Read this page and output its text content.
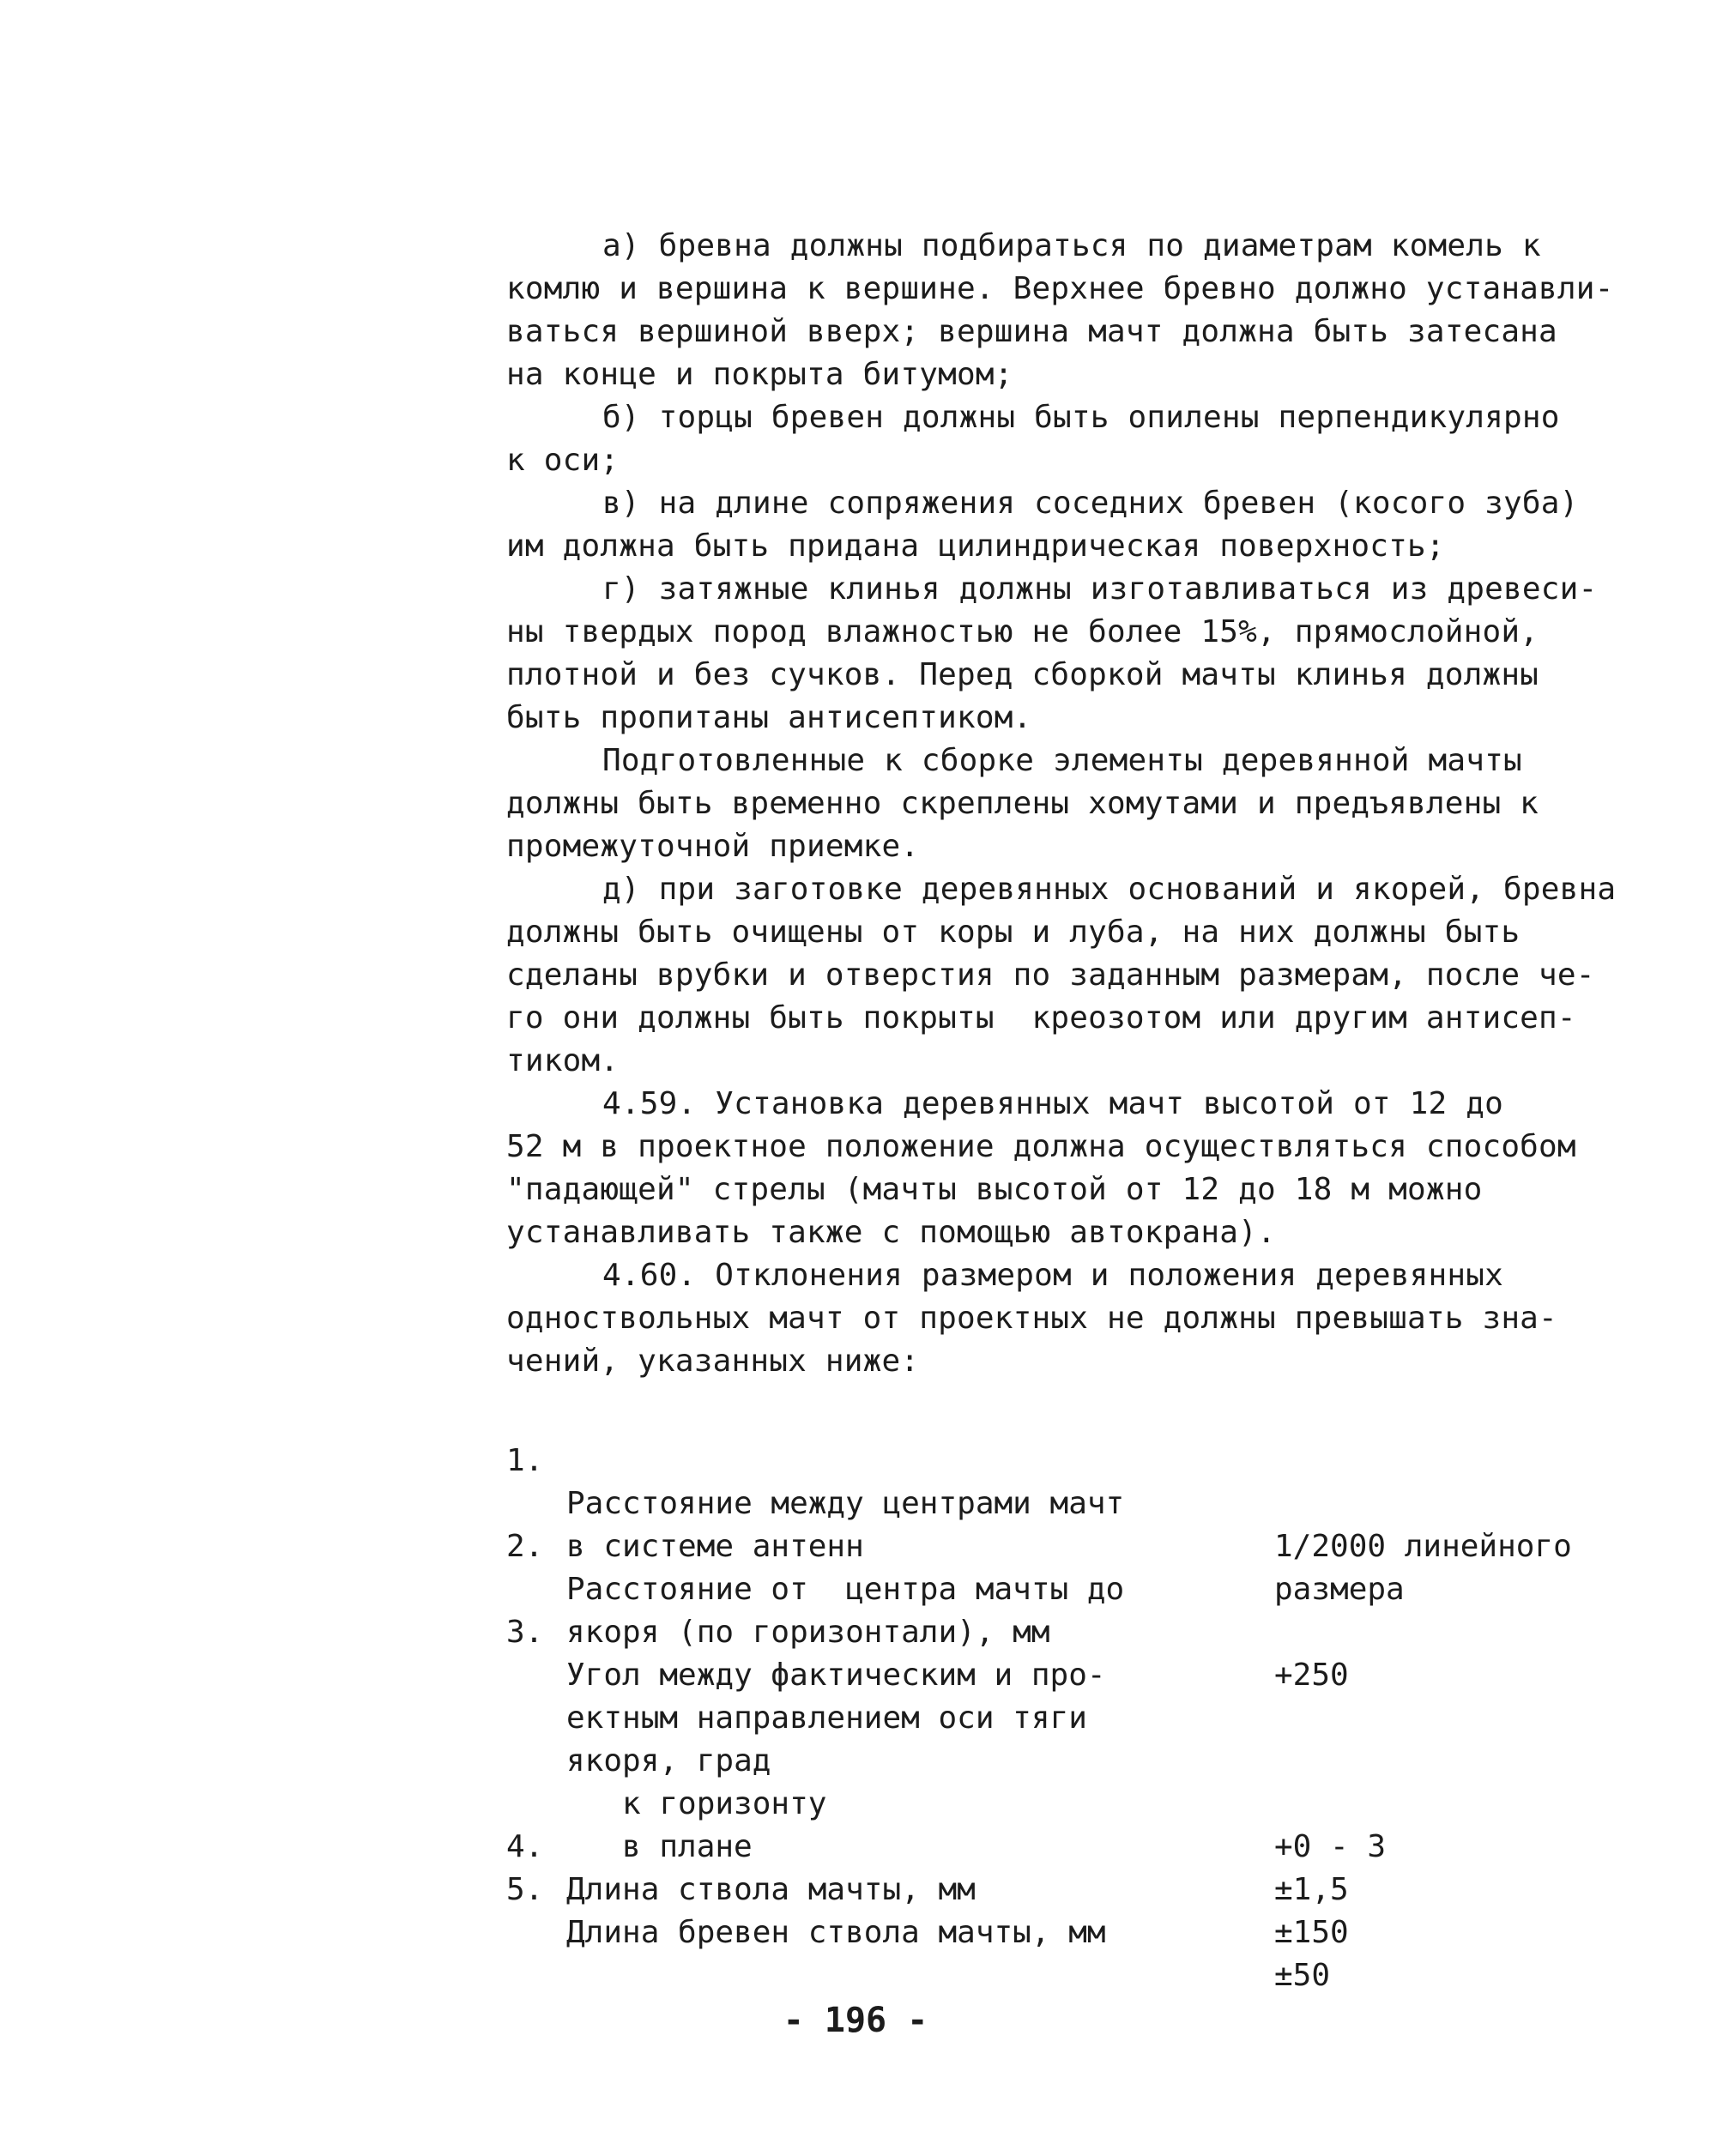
а) бревна должны подбираться по диаметрам комель к
комлю и вершина к вершине. Верхнее бревно должно устанавли-
ваться вершиной вверх; вершина мачт должна быть затесана
на конце и покрыта битумом;

б) торцы бревен должны быть опилены перпендикулярно
к оси;

в) на длине сопряжения соседних бревен (косого зуба)
им должна быть придана цилиндрическая поверхность;

г) затяжные клинья должны изготавливаться из древеси-
ны твердых пород влажностью не более 15%, прямослойной,
плотной и без сучков. Перед сборкой мачты клинья должны
быть пропитаны антисептиком.

Подготовленные к сборке элементы деревянной мачты
должны быть временно скреплены хомутами и предъявлены к
промежуточной приемке.

д) при заготовке деревянных оснований и якорей, бревна
должны быть очищены от коры и луба, на них должны быть
сделаны врубки и отверстия по заданным размерам, после че-
го они должны быть покрыты  креозотом или другим антисеп-
тиком.

4.59. Установка деревянных мачт высотой от 12 до
52 м в проектное положение должна осуществляться способом
"падающей" стрелы (мачты высотой от 12 до 18 м можно
устанавливать также с помощью автокрана).

4.60. Отклонения размером и положения деревянных
одноствольных мачт от проектных не должны превышать зна-
чений, указанных ниже:

1.

Расстояние между центрами мачт

1/2000 линейного

в системе антенн

размера

2.

Расстояние от  центра мачты до

якоря (по горизонтали), мм

+250

3.

Угол между фактическим и про-

ектным направлением оси тяги

якоря, град

к горизонту

+0 - 3

в плане

±1,5

4.

Длина ствола мачты, мм

±150

5.

Длина бревен ствола мачты, мм

±50

- 196 -
